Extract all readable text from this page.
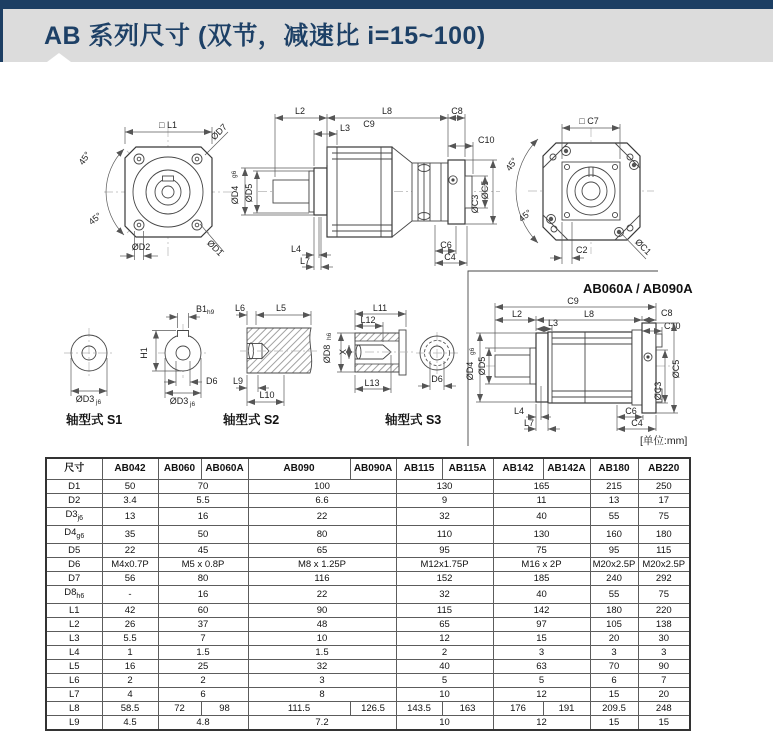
AB 系列尺寸 (双节，减速比 i=15~100)
□ L1	ØD7
45°
45°
ØD2	ØD1
L2	L8	C8
L3 C9
C10
ØD4
g6
ØD5	ØC5
ØC3
L4
L7
C6
C4
□ C7
45°
45°
C2	ØC1
ØD3 j6
轴型式 S1
B1 h9
H1
D6
ØD3 j6
L6	L5
L9
L10
轴型式 S2
L11
L12
ØD8
h6
X
L13	D6
轴型式 S3
AB060A / AB090A
C9
L2	L8	C8
L3	C10
ØD4
g6
ØD5	ØC5
ØC3
L4
L7
C6
C4
[单位:mm]
尺寸	AB042	AB060	AB060A	AB090	AB090A	AB115	AB115A	AB142	AB142A	AB180	AB220
D1	50	70		100		130		165		215	250
D2	3.4	5.5		6.6		9		11		13	17
$D3_{j6}$	13	16		22		32		40		55	75
$D4_{g6}$	35	50		80		110		130		160	180
D5	22	45		65		95		75		95	115
D6	M4x0.7P	M5 x 0.8P		M8 x 1.25P		M12x1.75P		M16 x 2P		M20x2.5P	M20x2.5P
D7	56	80		116		152		185		240	292
$D8_{h6}$	-	16		22		32		40		55	75
L1	42	60		90		115		142		180	220
L2	26	37		48		65		97		105	138
L3	5.5	7		10		12		15		20	30
L4	1	1.5		1.5		2		3		3	3
L5	16	25		32		40		63		70	90
L6	2	2		3		5		5		6	7
L7	4	6		8		10		12		15	20
L8	58.5	72	98	111.5	126.5	143.5	163	176	191	209.5	248
L9	4.5	4.8		7.2		10		12		15	15
